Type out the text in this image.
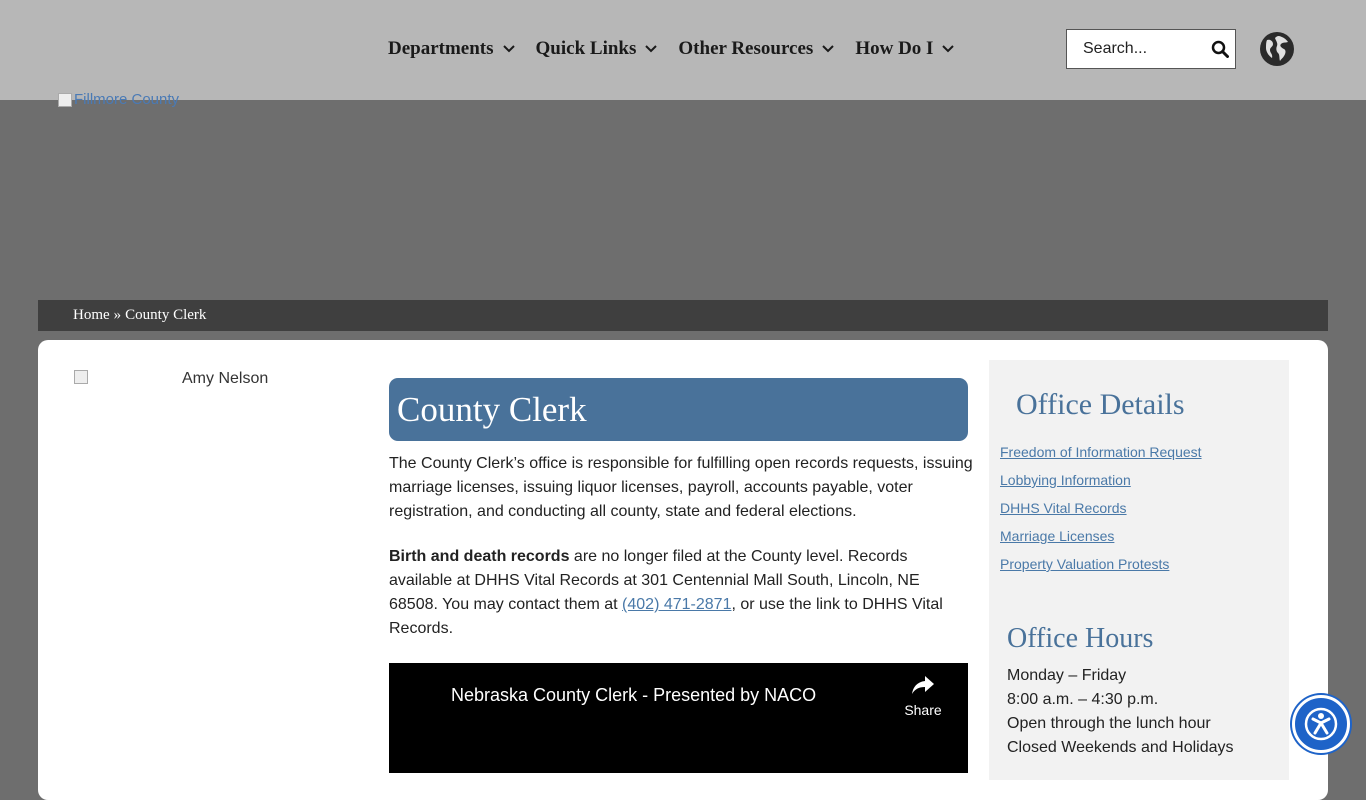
Departments Quick Links Other Resources How Do I
Search...
Fillmore County
Home » County Clerk
Amy Nelson
County Clerk

The County Clerk’s office is responsible for fulfilling open records requests, issuing marriage licenses, issuing liquor licenses, payroll, accounts payable, voter registration, and conducting all county, state and federal elections.

Birth and death records are no longer filed at the County level. Records available at DHHS Vital Records at 301 Centennial Mall South, Lincoln, NE 68508. You may contact them at (402) 471-2871, or use the link to DHHS Vital Records.

Nebraska County Clerk - Presented by NACO
Share
Office Details
Freedom of Information Request
Lobbying Information
DHHS Vital Records
Marriage Licenses
Property Valuation Protests
Office Hours
Monday – Friday
8:00 a.m. – 4:30 p.m.
Open through the lunch hour
Closed Weekends and Holidays
